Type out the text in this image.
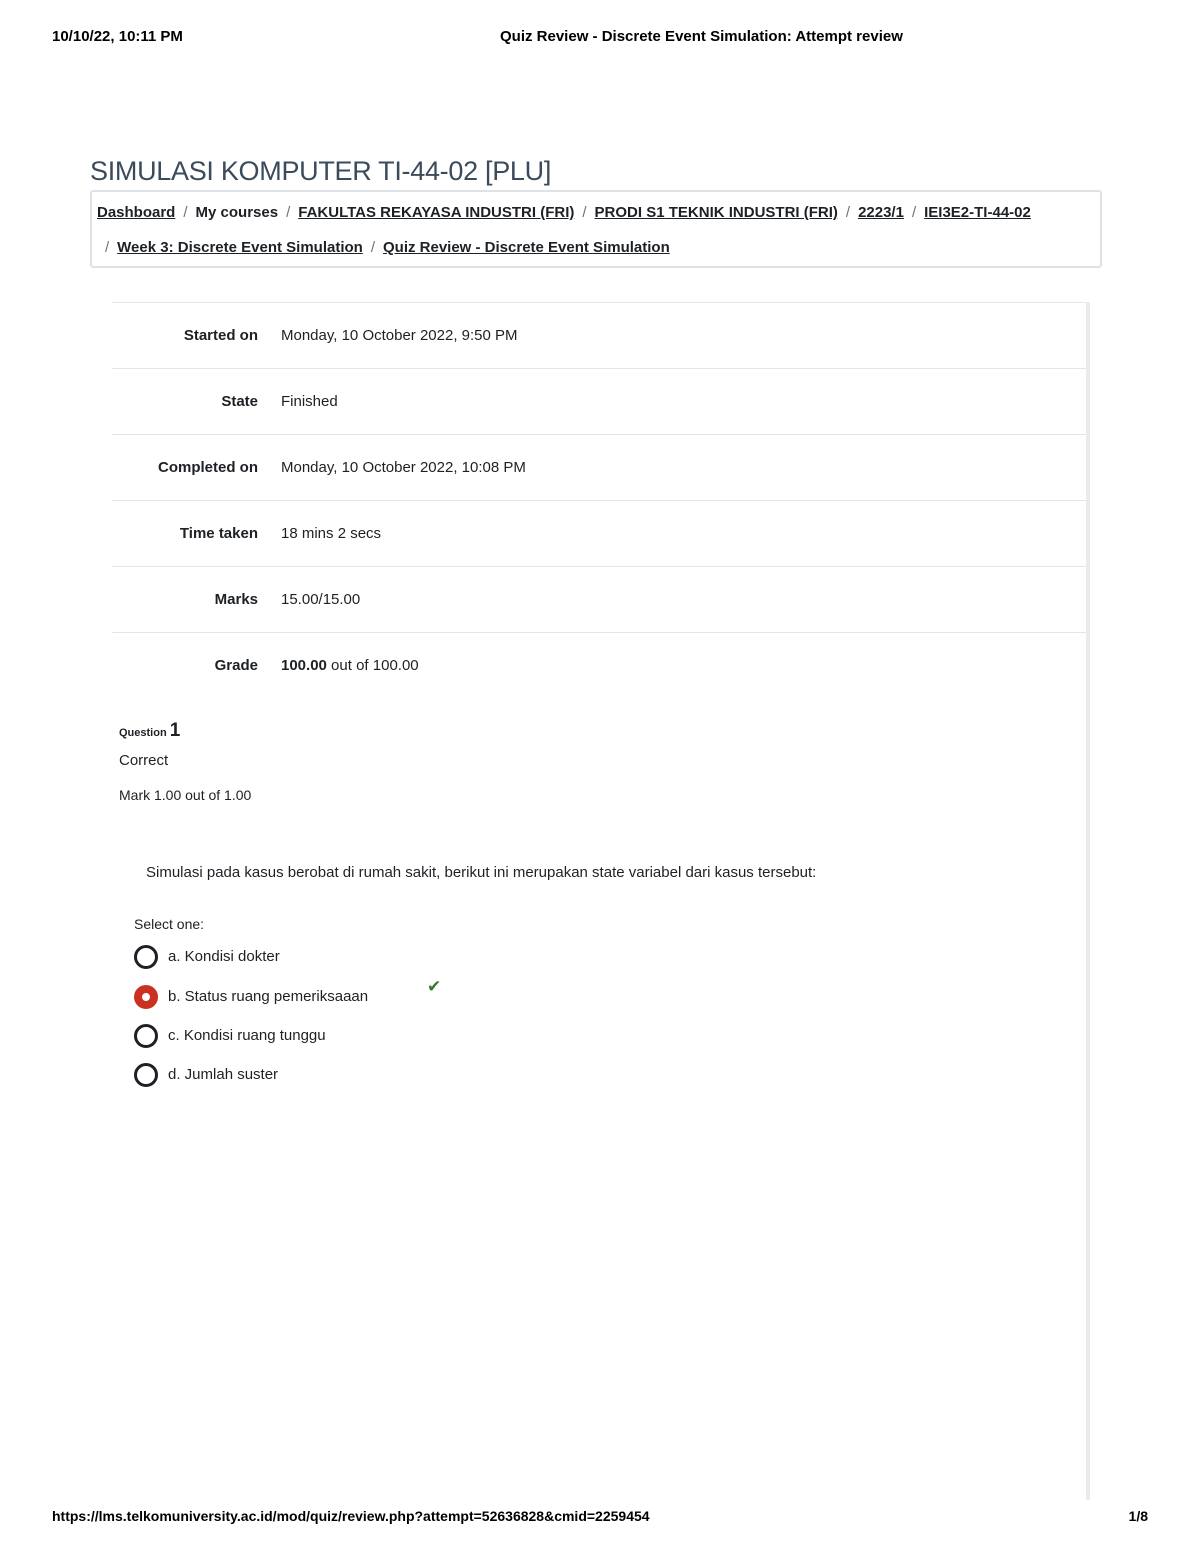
10/10/22, 10:11 PM	Quiz Review - Discrete Event Simulation: Attempt review
SIMULASI KOMPUTER TI-44-02 [PLU]
Dashboard / My courses / FAKULTAS REKAYASA INDUSTRI (FRI) / PRODI S1 TEKNIK INDUSTRI (FRI) / 2223/1 / IEI3E2-TI-44-02
/ Week 3: Discrete Event Simulation / Quiz Review - Discrete Event Simulation
Started on Monday, 10 October 2022, 9:50 PM
State Finished
Completed on Monday, 10 October 2022, 10:08 PM
Time taken 18 mins 2 secs
Marks 15.00/15.00
Grade 100.00 out of 100.00
Question 1
Correct
Mark 1.00 out of 1.00
Simulasi pada kasus berobat di rumah sakit, berikut ini merupakan state variabel dari kasus tersebut:
Select one:
a. Kondisi dokter
b. Status ruang pemeriksaaan
✔
c. Kondisi ruang tunggu
d. Jumlah suster
https://lms.telkomuniversity.ac.id/mod/quiz/review.php?attempt=52636828&cmid=2259454	1/8
